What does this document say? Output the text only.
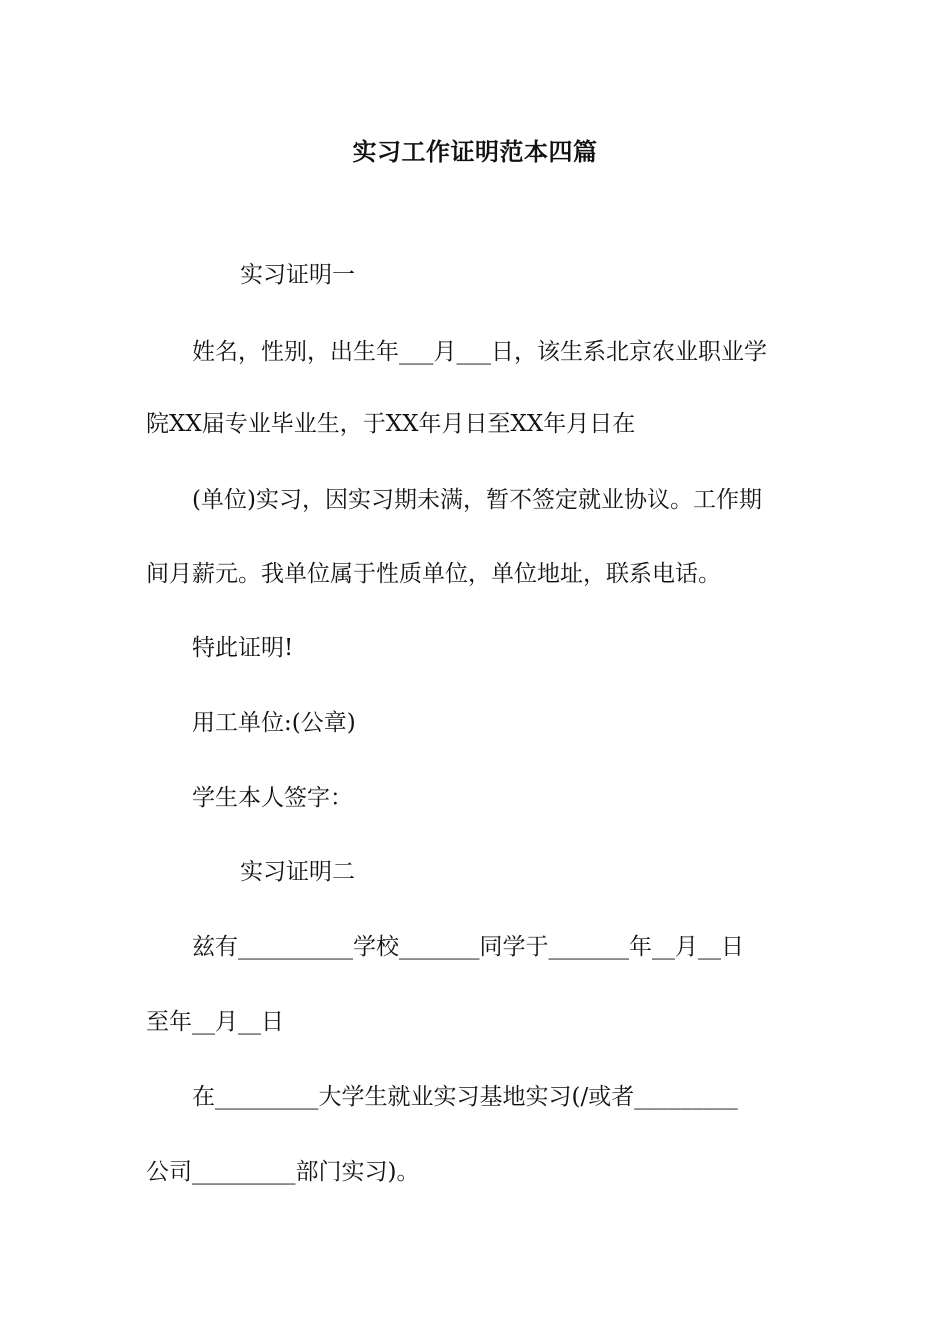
实习工作证明范本四篇
实习证明一
姓名，性别，出生年___月___日，该生系北京农业职业学
院XX届专业毕业生，于XX年月日至XX年月日在
(单位)实习，因实习期未满，暂不签定就业协议。工作期
间月薪元。我单位属于性质单位，单位地址，联系电话。
特此证明!
用工单位:(公章)
学生本人签字：
实习证明二
兹有__________学校_______同学于_______年__月__日
至年__月__日
在_________大学生就业实习基地实习(/或者_________
公司_________部门实习)。
